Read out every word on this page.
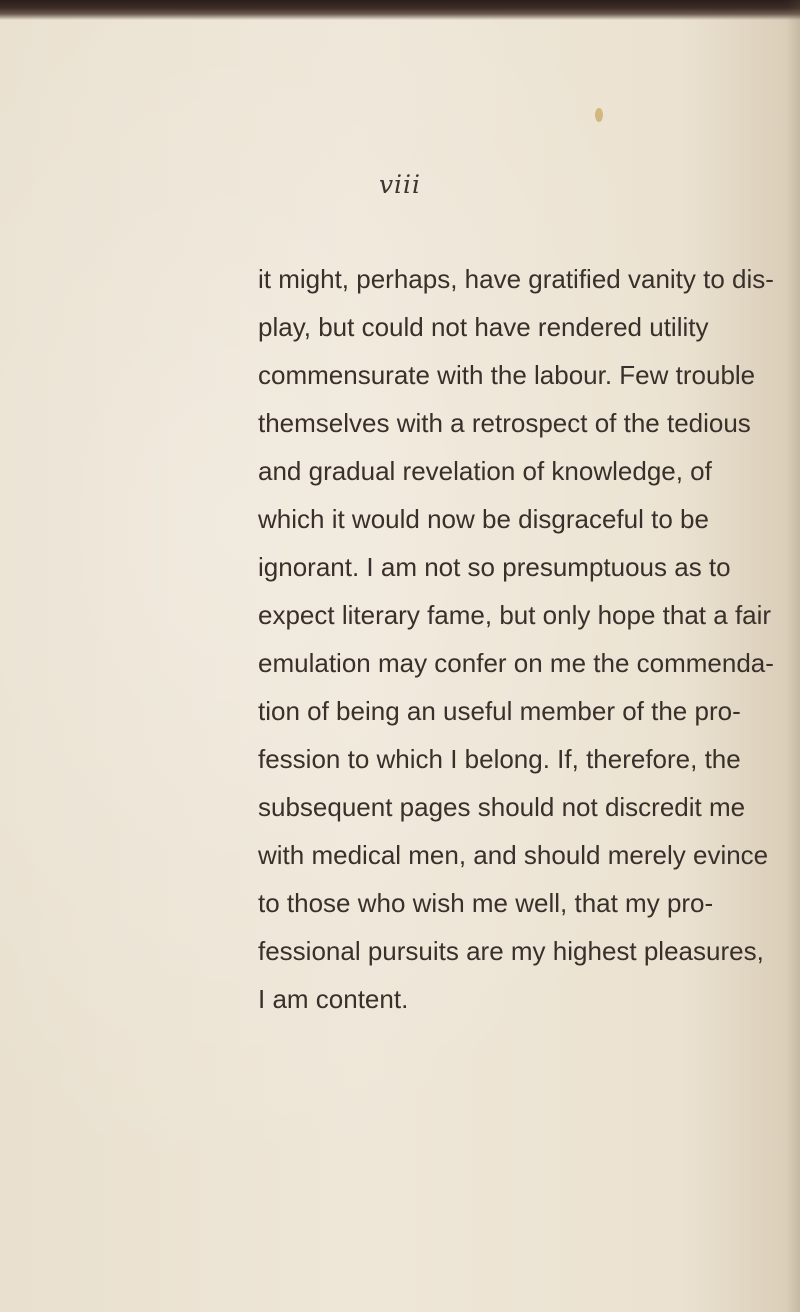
viii
it might, perhaps, have gratified vanity to dis-
play, but could not have rendered utility
commensurate with the labour. Few trouble
themselves with a retrospect of the tedious
and gradual revelation of knowledge, of
which it would now be disgraceful to be
ignorant. I am not so presumptuous as to
expect literary fame, but only hope that a fair
emulation may confer on me the commenda-
tion of being an useful member of the pro-
fession to which I belong. If, therefore, the
subsequent pages should not discredit me
with medical men, and should merely evince
to those who wish me well, that my pro-
fessional pursuits are my highest pleasures,
I am content.
